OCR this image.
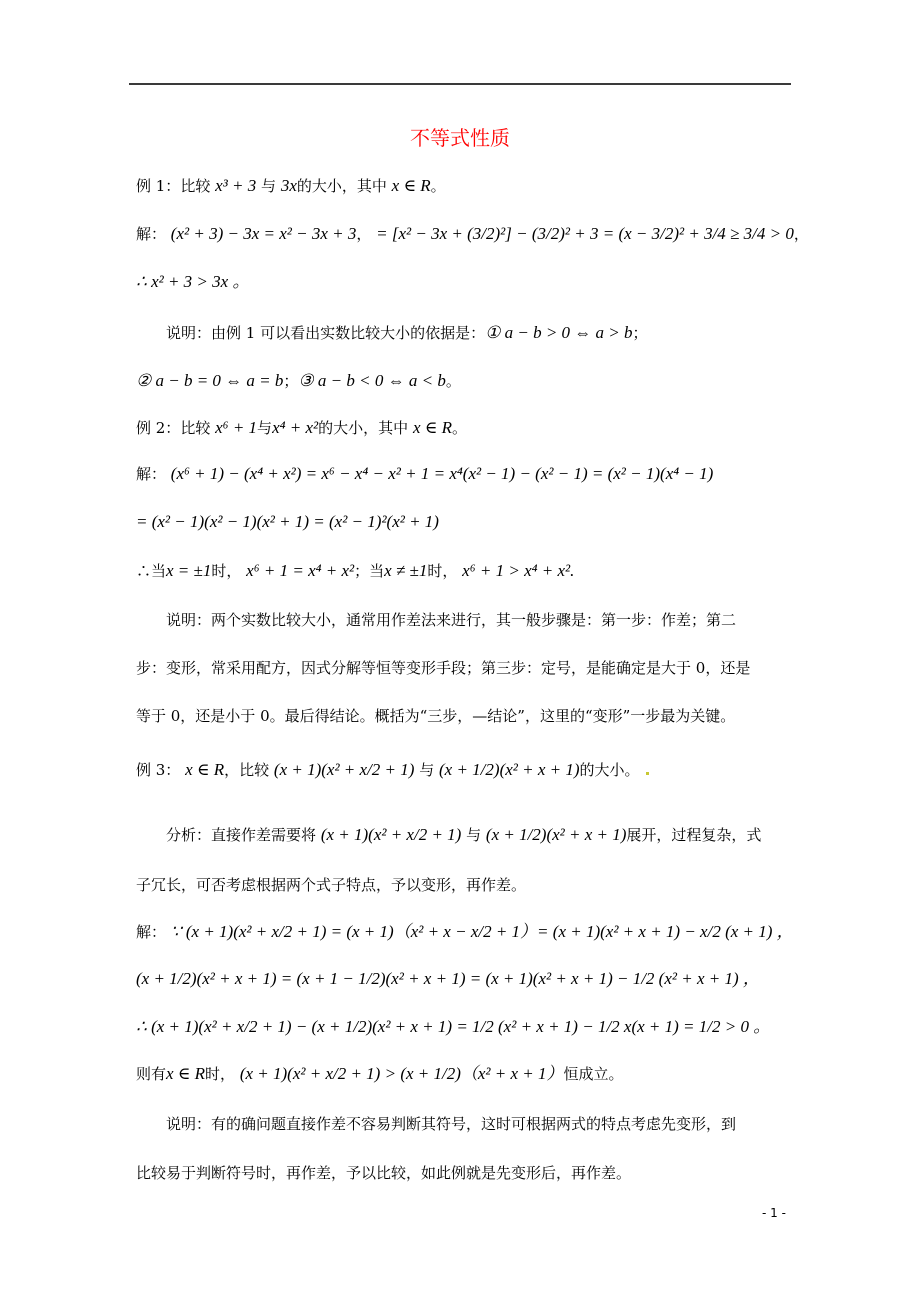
不等式性质
例 1：比较 x³ + 3 与 3x的大小，其中 x ∈ R。
解： (x² + 3) − 3x = x² − 3x + 3， = [x² − 3x + (3/2)²] − (3/2)² + 3 = (x − 3/2)² + 3/4 ≥ 3/4 > 0，
∴ x² + 3 > 3x 。
说明：由例 1 可以看出实数比较大小的依据是：① a − b > 0 ⇔ a > b；
② a − b = 0 ⇔ a = b；③ a − b < 0 ⇔ a < b。
例 2：比较 x⁶ + 1与x⁴ + x²的大小，其中 x ∈ R。
解： (x⁶ + 1) − (x⁴ + x²) = x⁶ − x⁴ − x² + 1 = x⁴(x² − 1) − (x² − 1) = (x² − 1)(x⁴ − 1)
= (x² − 1)(x² − 1)(x² + 1) = (x² − 1)²(x² + 1)
∴当x = ±1时， x⁶ + 1 = x⁴ + x²；当x ≠ ±1时， x⁶ + 1 > x⁴ + x².
说明：两个实数比较大小，通常用作差法来进行，其一般步骤是：第一步：作差；第二
步：变形，常采用配方，因式分解等恒等变形手段；第三步：定号，是能确定是大于 0，还是
等于 0，还是小于 0。最后得结论。概括为“三步，—结论”，这里的“变形”一步最为关键。
例 3： x ∈ R，比较 (x + 1)(x² + x/2 + 1) 与 (x + 1/2)(x² + x + 1)的大小。
分析：直接作差需要将 (x + 1)(x² + x/2 + 1) 与 (x + 1/2)(x² + x + 1)展开，过程复杂，式
子冗长，可否考虑根据两个式子特点，予以变形，再作差。
解： ∵ (x + 1)(x² + x/2 + 1) = (x + 1)（x² + x − x/2 + 1）= (x + 1)(x² + x + 1) − x/2 (x + 1) ，
(x + 1/2)(x² + x + 1) = (x + 1 − 1/2)(x² + x + 1) = (x + 1)(x² + x + 1) − 1/2 (x² + x + 1) ，
∴ (x + 1)(x² + x/2 + 1) − (x + 1/2)(x² + x + 1) = 1/2 (x² + x + 1) − 1/2 x(x + 1) = 1/2 > 0 。
则有x ∈ R时， (x + 1)(x² + x/2 + 1) > (x + 1/2)（x² + x + 1）恒成立。
说明：有的确问题直接作差不容易判断其符号，这时可根据两式的特点考虑先变形，到
比较易于判断符号时，再作差，予以比较，如此例就是先变形后，再作差。
- 1 -
